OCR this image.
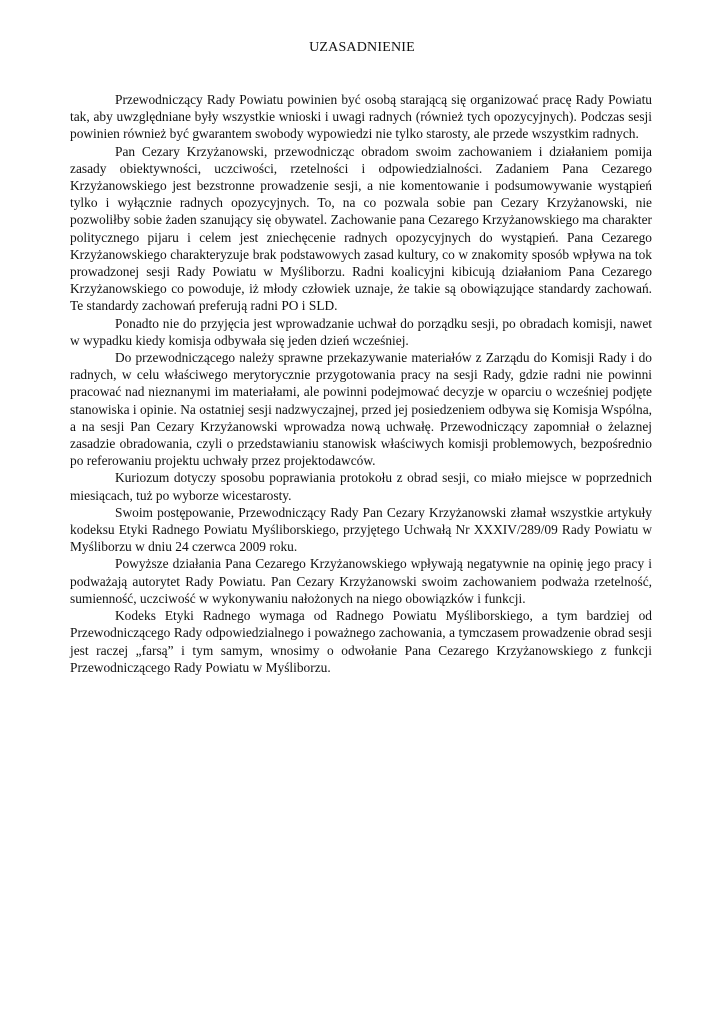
UZASADNIENIE

Przewodniczący Rady Powiatu powinien być osobą starającą się organizować pracę Rady Powiatu tak, aby uwzględniane były wszystkie wnioski i uwagi radnych (również tych opozycyjnych). Podczas sesji powinien również być gwarantem swobody wypowiedzi nie tylko starosty, ale przede wszystkim radnych.

Pan Cezary Krzyżanowski, przewodnicząc obradom swoim zachowaniem i działaniem pomija zasady obiektywności, uczciwości, rzetelności i odpowiedzialności. Zadaniem Pana Cezarego Krzyżanowskiego jest bezstronne prowadzenie sesji, a nie komentowanie i podsumowywanie wystąpień tylko i wyłącznie radnych opozycyjnych. To, na co pozwala sobie pan Cezary Krzyżanowski, nie pozwoliłby sobie żaden szanujący się obywatel. Zachowanie pana Cezarego Krzyżanowskiego ma charakter politycznego pijaru i celem jest zniechęcenie radnych opozycyjnych do wystąpień. Pana Cezarego Krzyżanowskiego charakteryzuje brak podstawowych zasad kultury, co w znakomity sposób wpływa na tok prowadzonej sesji Rady Powiatu w Myśliborzu. Radni koalicyjni kibicują działaniom Pana Cezarego Krzyżanowskiego co powoduje, iż młody człowiek uznaje, że takie są obowiązujące standardy zachowań. Te standardy zachowań preferują radni PO i SLD.

Ponadto nie do przyjęcia jest wprowadzanie uchwał do porządku sesji, po obradach komisji, nawet w wypadku kiedy komisja odbywała się jeden dzień wcześniej.

Do przewodniczącego należy sprawne przekazywanie materiałów z Zarządu do Komisji Rady i do radnych, w celu właściwego merytorycznie przygotowania pracy na sesji Rady, gdzie radni nie powinni pracować nad nieznanymi im materiałami, ale powinni podejmować decyzje w oparciu o wcześniej podjęte stanowiska i opinie. Na ostatniej sesji nadzwyczajnej, przed jej posiedzeniem odbywa się Komisja Wspólna, a na sesji Pan Cezary Krzyżanowski wprowadza nową uchwałę. Przewodniczący zapomniał o żelaznej zasadzie obradowania, czyli o przedstawianiu stanowisk właściwych komisji problemowych, bezpośrednio po referowaniu projektu uchwały przez projektodawców.

Kuriozum dotyczy sposobu poprawiania protokołu z obrad sesji, co miało miejsce w poprzednich miesiącach, tuż po wyborze wicestarosty.

Swoim postępowanie, Przewodniczący Rady Pan Cezary Krzyżanowski złamał wszystkie artykuły kodeksu Etyki Radnego Powiatu Myśliborskiego, przyjętego Uchwałą Nr XXXIV/289/09 Rady Powiatu w Myśliborzu w dniu 24 czerwca 2009 roku.

Powyższe działania Pana Cezarego Krzyżanowskiego wpływają negatywnie na opinię jego pracy i podważają autorytet Rady Powiatu. Pan Cezary Krzyżanowski swoim zachowaniem podważa rzetelność, sumienność, uczciwość w wykonywaniu nałożonych na niego obowiązków i funkcji.

Kodeks Etyki Radnego wymaga od Radnego Powiatu Myśliborskiego, a tym bardziej od Przewodniczącego Rady odpowiedzialnego i poważnego zachowania, a tymczasem prowadzenie obrad sesji jest raczej „farsą” i tym samym, wnosimy o odwołanie Pana Cezarego Krzyżanowskiego z funkcji Przewodniczącego Rady Powiatu w Myśliborzu.
